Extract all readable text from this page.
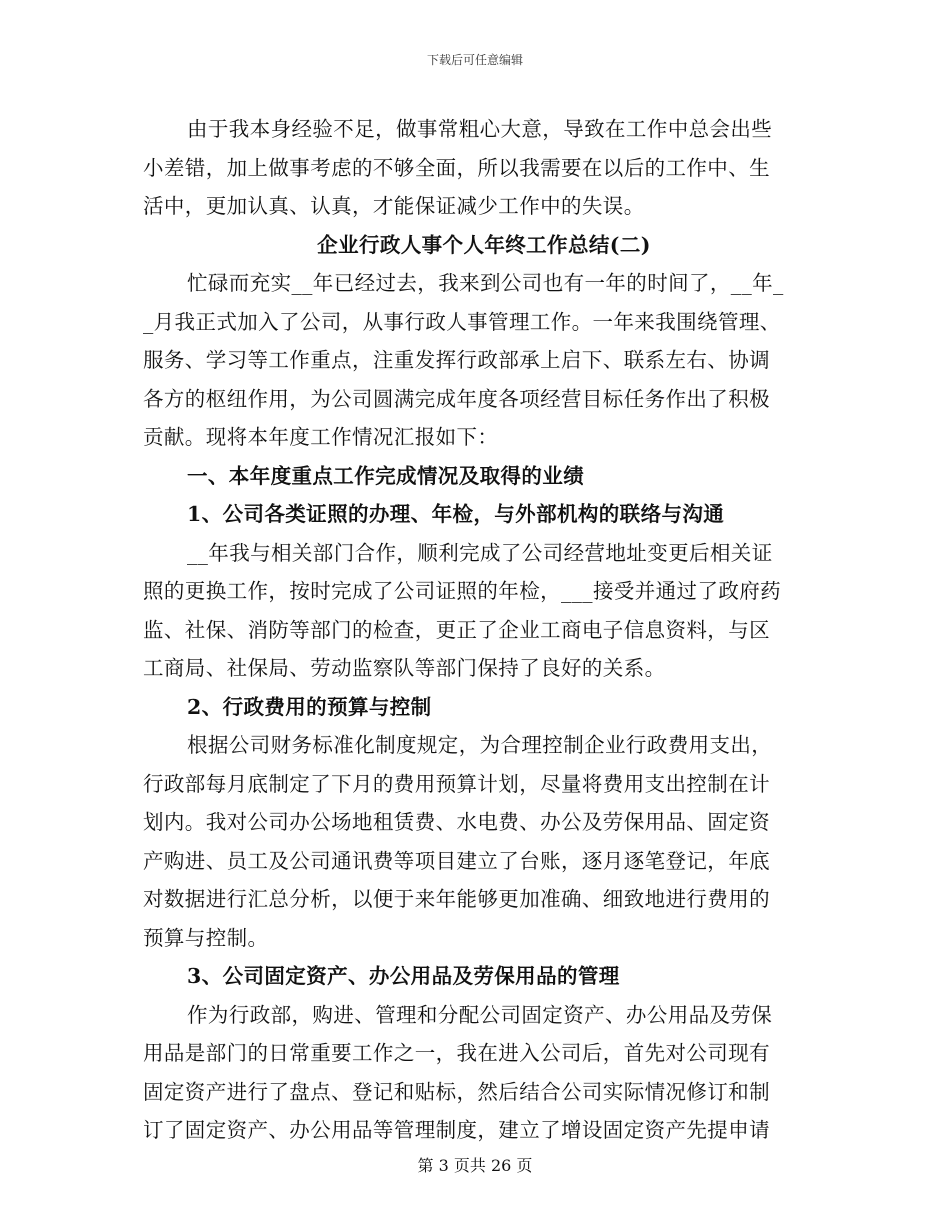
下载后可任意编辑
由于我本身经验不足，做事常粗心大意，导致在工作中总会出些
小差错，加上做事考虑的不够全面，所以我需要在以后的工作中、生
活中，更加认真、认真，才能保证减少工作中的失误。
企业行政人事个人年终工作总结(二)
忙碌而充实__年已经过去，我来到公司也有一年的时间了，__年_
_月我正式加入了公司，从事行政人事管理工作。一年来我围绕管理、
服务、学习等工作重点，注重发挥行政部承上启下、联系左右、协调
各方的枢纽作用，为公司圆满完成年度各项经营目标任务作出了积极
贡献。现将本年度工作情况汇报如下：
一、本年度重点工作完成情况及取得的业绩
1、公司各类证照的办理、年检，与外部机构的联络与沟通
__年我与相关部门合作，顺利完成了公司经营地址变更后相关证
照的更换工作，按时完成了公司证照的年检，___接受并通过了政府药
监、社保、消防等部门的检查，更正了企业工商电子信息资料，与区
工商局、社保局、劳动监察队等部门保持了良好的关系。
2、行政费用的预算与控制
根据公司财务标准化制度规定，为合理控制企业行政费用支出，
行政部每月底制定了下月的费用预算计划，尽量将费用支出控制在计
划内。我对公司办公场地租赁费、水电费、办公及劳保用品、固定资
产购进、员工及公司通讯费等项目建立了台账，逐月逐笔登记，年底
对数据进行汇总分析，以便于来年能够更加准确、细致地进行费用的
预算与控制。
3、公司固定资产、办公用品及劳保用品的管理
作为行政部，购进、管理和分配公司固定资产、办公用品及劳保
用品是部门的日常重要工作之一，我在进入公司后，首先对公司现有
固定资产进行了盘点、登记和贴标，然后结合公司实际情况修订和制
订了固定资产、办公用品等管理制度，建立了增设固定资产先提申请
第 3 页共 26 页
